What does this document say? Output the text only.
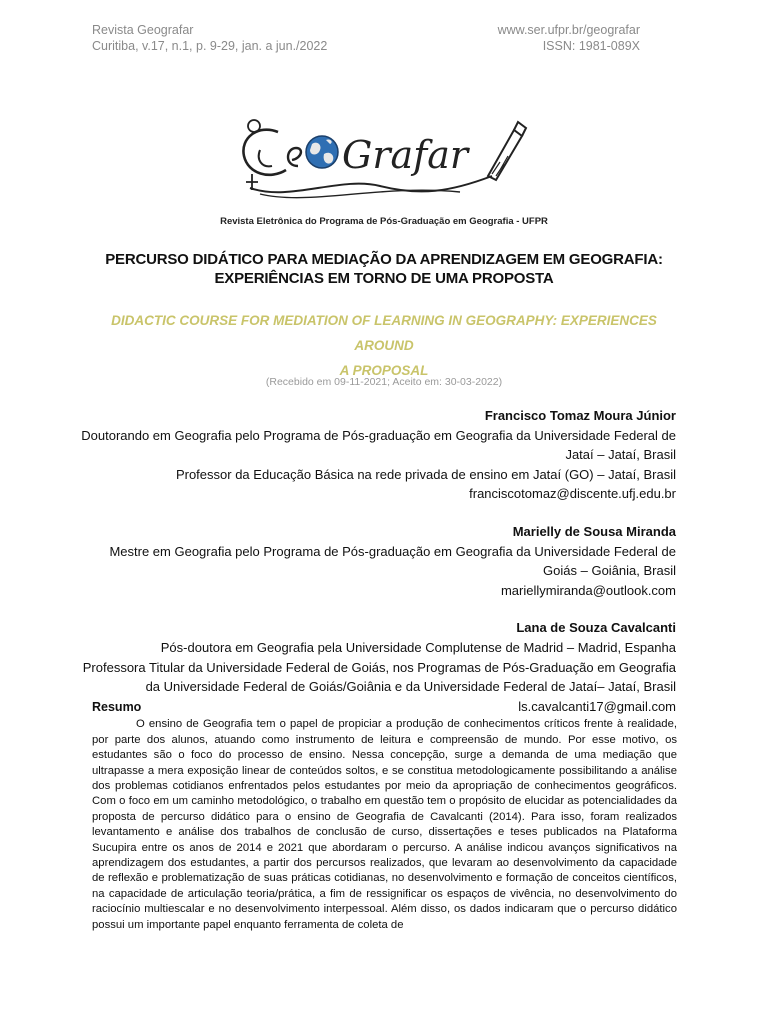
Revista Geografar
Curitiba, v.17, n.1, p. 9-29, jan. a jun./2022
www.ser.ufpr.br/geografar
ISSN: 1981-089X
Grafar
Revista Eletrônica do Programa de Pós-Graduação em Geografia - UFPR
PERCURSO DIDÁTICO PARA MEDIAÇÃO DA APRENDIZAGEM EM GEOGRAFIA:
EXPERIÊNCIAS EM TORNO DE UMA PROPOSTA
DIDACTIC COURSE FOR MEDIATION OF LEARNING IN GEOGRAPHY: EXPERIENCES AROUND
A PROPOSAL
(Recebido em 09-11-2021; Aceito em: 30-03-2022)
Francisco Tomaz Moura Júnior
Doutorando em Geografia pelo Programa de Pós-graduação em Geografia da Universidade Federal de
Jataí – Jataí, Brasil
Professor da Educação Básica na rede privada de ensino em Jataí (GO) – Jataí, Brasil
franciscotomaz@discente.ufj.edu.br
Marielly de Sousa Miranda
Mestre em Geografia pelo Programa de Pós-graduação em Geografia da Universidade Federal de
Goiás – Goiânia, Brasil
mariellymiranda@outlook.com
Lana de Souza Cavalcanti
Pós-doutora em Geografia pela Universidade Complutense de Madrid – Madrid, Espanha
Professora Titular da Universidade Federal de Goiás, nos Programas de Pós-Graduação em Geografia
da Universidade Federal de Goiás/Goiânia e da Universidade Federal de Jataí– Jataí, Brasil
ls.cavalcanti17@gmail.com
Resumo

O ensino de Geografia tem o papel de propiciar a produção de conhecimentos críticos frente à realidade, por parte dos alunos, atuando como instrumento de leitura e compreensão de mundo. Por esse motivo, os estudantes são o foco do processo de ensino. Nessa concepção, surge a demanda de uma mediação que ultrapasse a mera exposição linear de conteúdos soltos, e se constitua metodologicamente possibilitando a análise dos problemas cotidianos enfrentados pelos estudantes por meio da apropriação de conhecimentos geográficos. Com o foco em um caminho metodológico, o trabalho em questão tem o propósito de elucidar as potencialidades da proposta de percurso didático para o ensino de Geografia de Cavalcanti (2014). Para isso, foram realizados levantamento e análise dos trabalhos de conclusão de curso, dissertações e teses publicados na Plataforma Sucupira entre os anos de 2014 e 2021 que abordaram o percurso. A análise indicou avanços significativos na aprendizagem dos estudantes, a partir dos percursos realizados, que levaram ao desenvolvimento da capacidade de reflexão e problematização de suas práticas cotidianas, no desenvolvimento e formação de conceitos científicos, na capacidade de articulação teoria/prática, a fim de ressignificar os espaços de vivência, no desenvolvimento do raciocínio multiescalar e no desenvolvimento interpessoal. Além disso, os dados indicaram que o percurso didático possui um importante papel enquanto ferramenta de coleta de
